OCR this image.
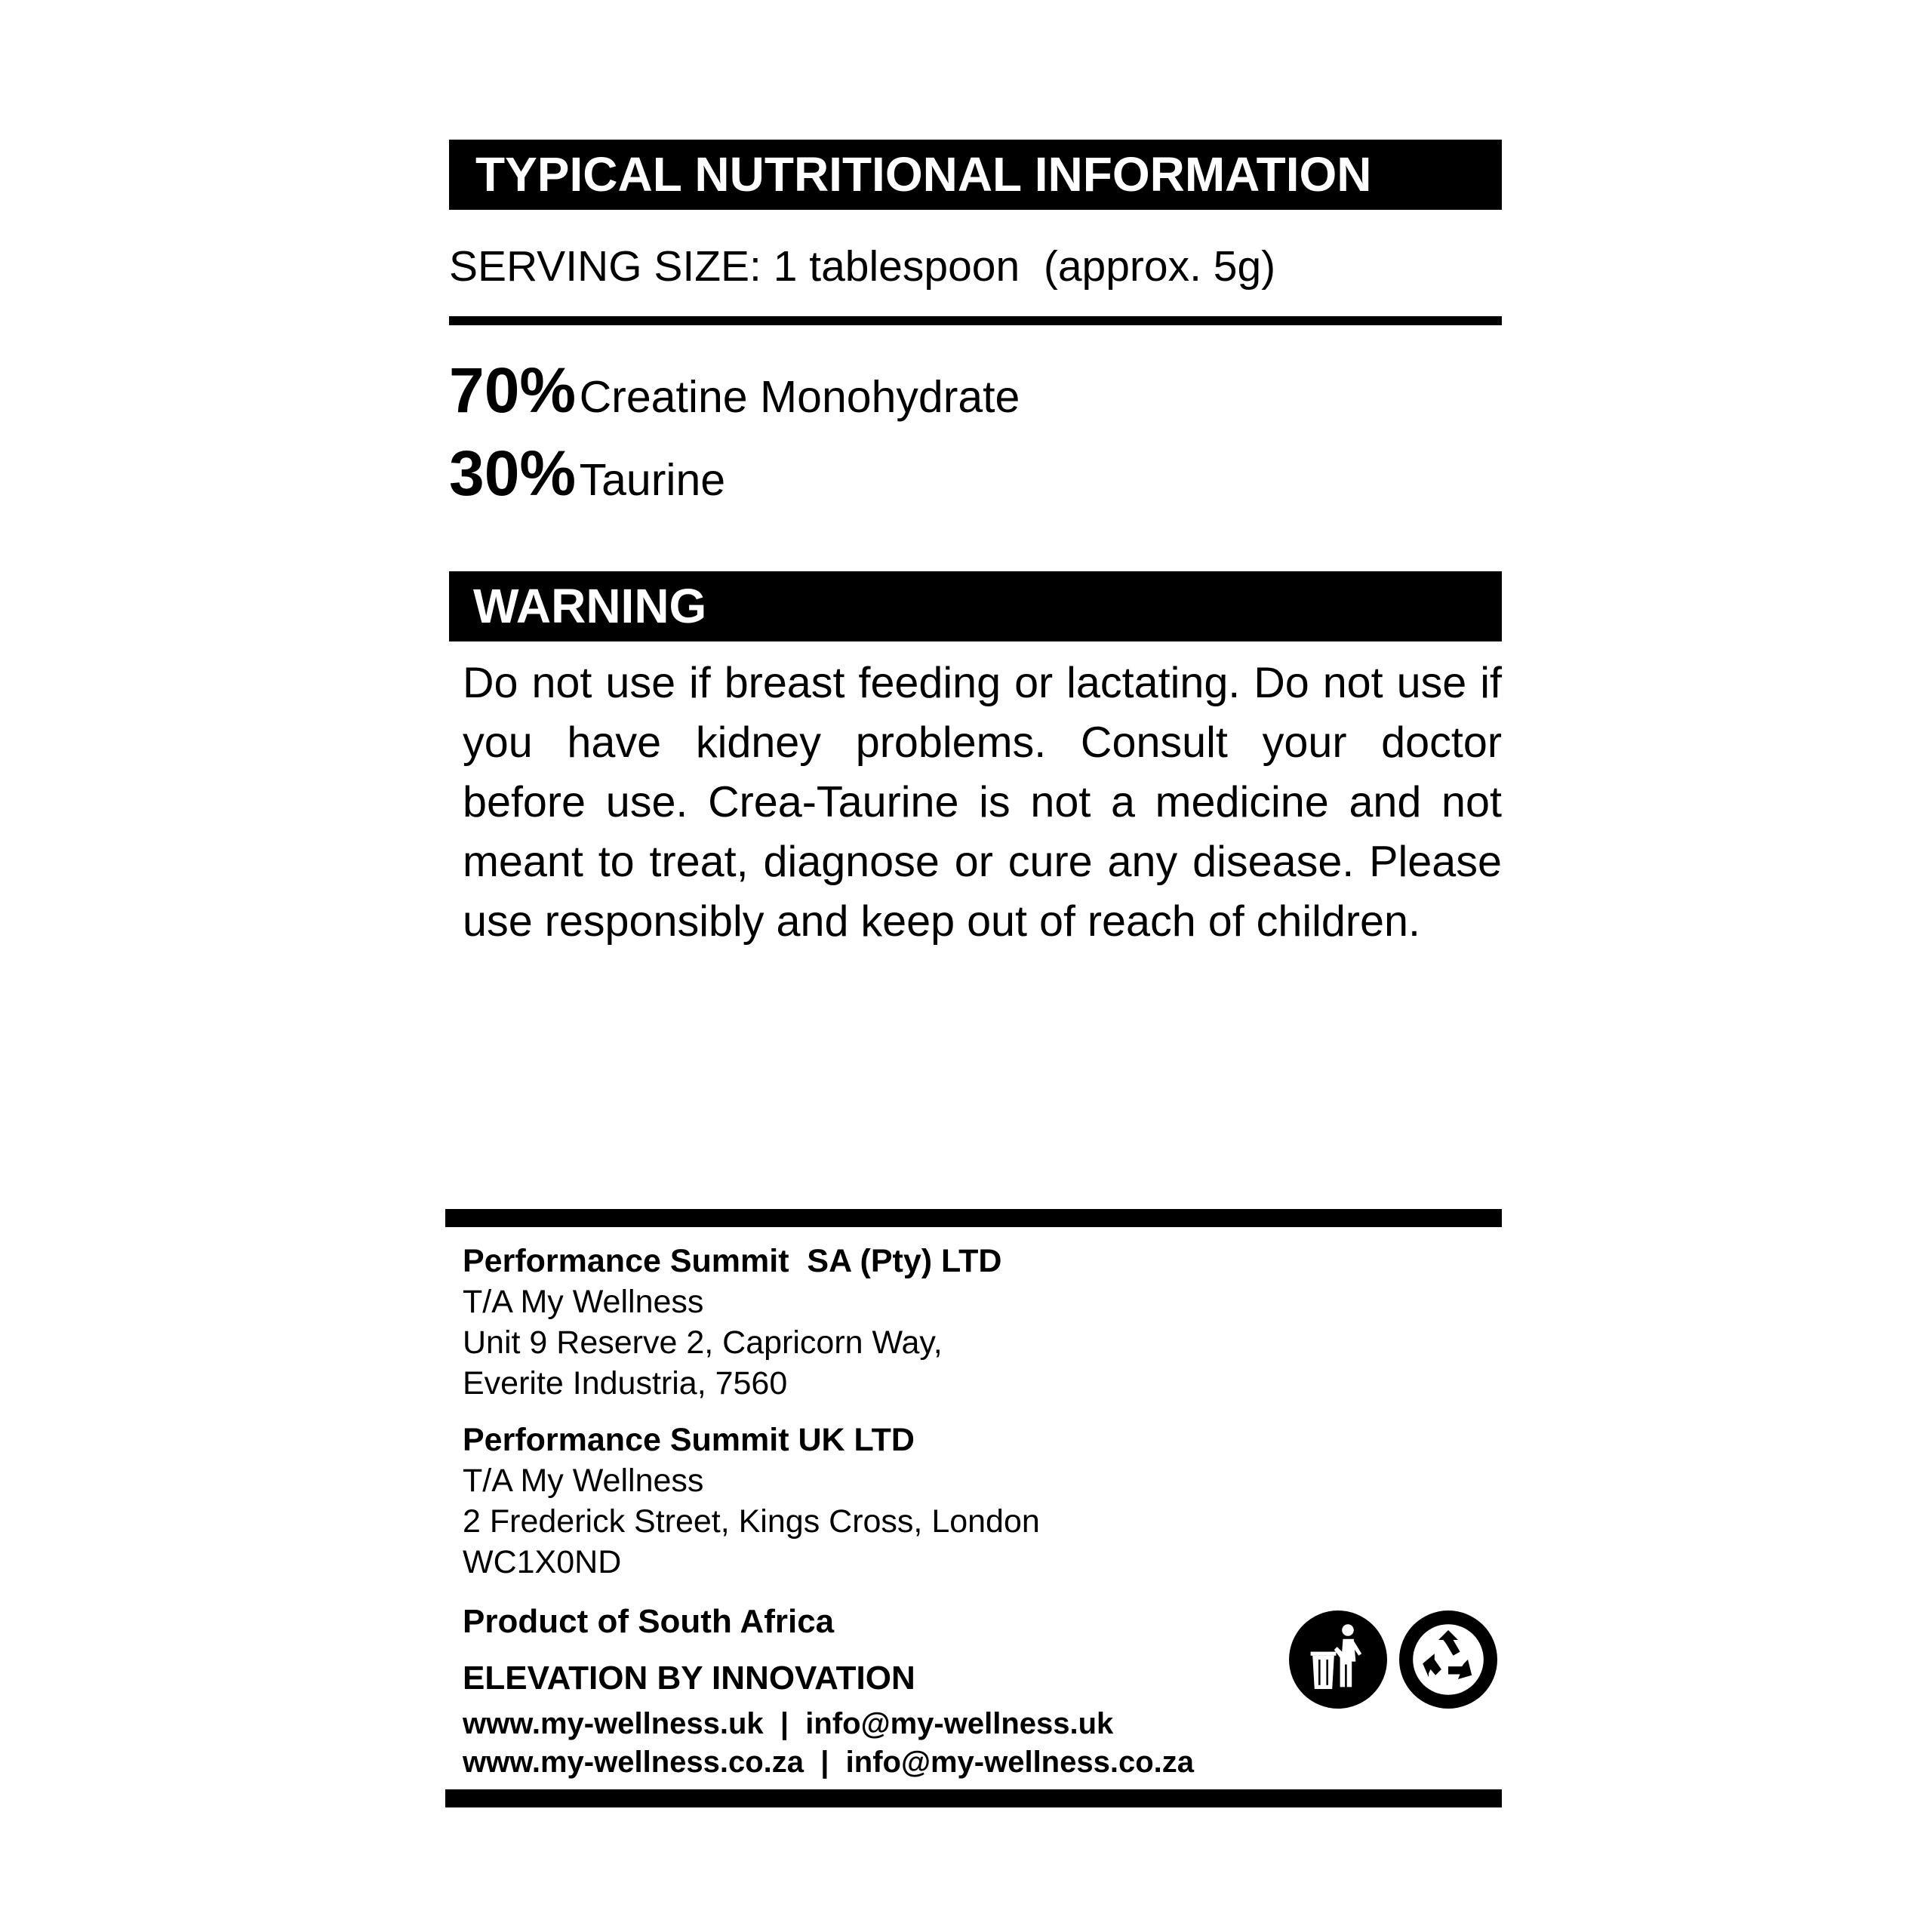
TYPICAL NUTRITIONAL INFORMATION
SERVING SIZE: 1 tablespoon  (approx. 5g)
70% Creatine Monohydrate
30% Taurine
WARNING
Do not use if breast feeding or lactating. Do not use if you have kidney problems. Consult your doctor before use. Crea-Taurine is not a medicine and not meant to treat, diagnose or cure any disease. Please use responsibly and keep out of reach of children.
Performance Summit  SA (Pty) LTD
T/A My Wellness
Unit 9 Reserve 2, Capricorn Way,
Everite Industria, 7560
Performance Summit UK LTD
T/A My Wellness
2 Frederick Street, Kings Cross, London
WC1X0ND
Product of South Africa
ELEVATION BY INNOVATION
www.my-wellness.uk  |  info@my-wellness.uk
www.my-wellness.co.za  |  info@my-wellness.co.za
